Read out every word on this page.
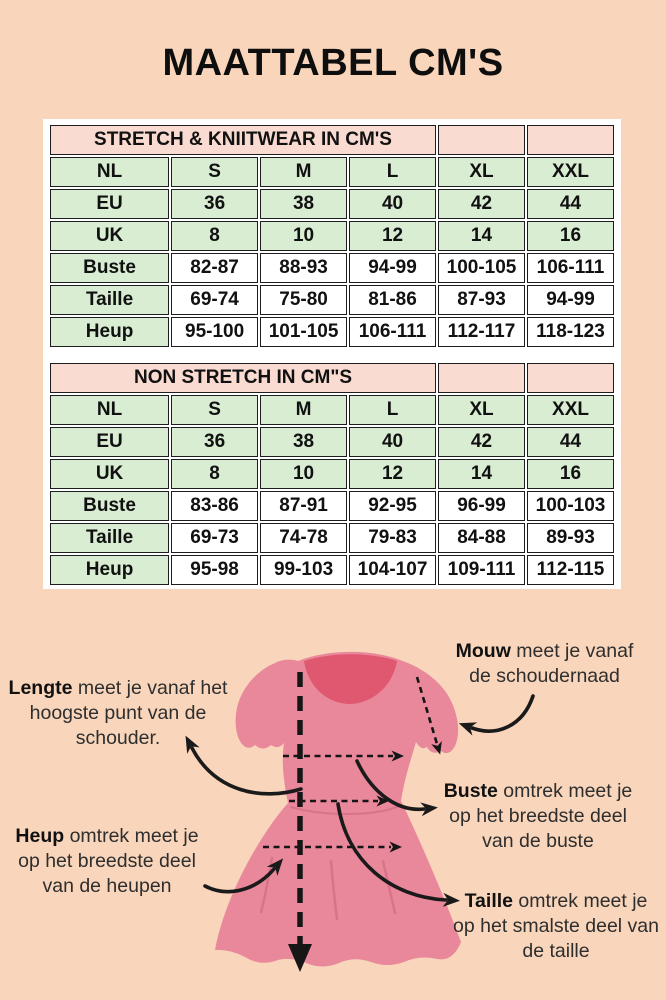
MAATTABEL CM'S
STRETCH & KNIITWEAR IN CM'S					
NL	S	M	L	XL	XXL
EU	36	38	40	42	44
UK	8	10	12	14	16
Buste	82-87	88-93	94-99	100-105	106-111
Taille	69-74	75-80	81-86	87-93	94-99
Heup	95-100	101-105	106-111	112-117	118-123
NON STRETCH IN CM"S					
NL	S	M	L	XL	XXL
EU	36	38	40	42	44
UK	8	10	12	14	16
Buste	83-86	87-91	92-95	96-99	100-103
Taille	69-73	74-78	79-83	84-88	89-93
Heup	95-98	99-103	104-107	109-111	112-115
Lengte meet je vanaf het hoogste punt van de schouder.
Mouw meet je vanaf de schoudernaad
Buste omtrek meet je op het breedste deel van de buste
Taille omtrek meet je op het smalste deel van de taille
Heup omtrek meet je op het breedste deel van de heupen
